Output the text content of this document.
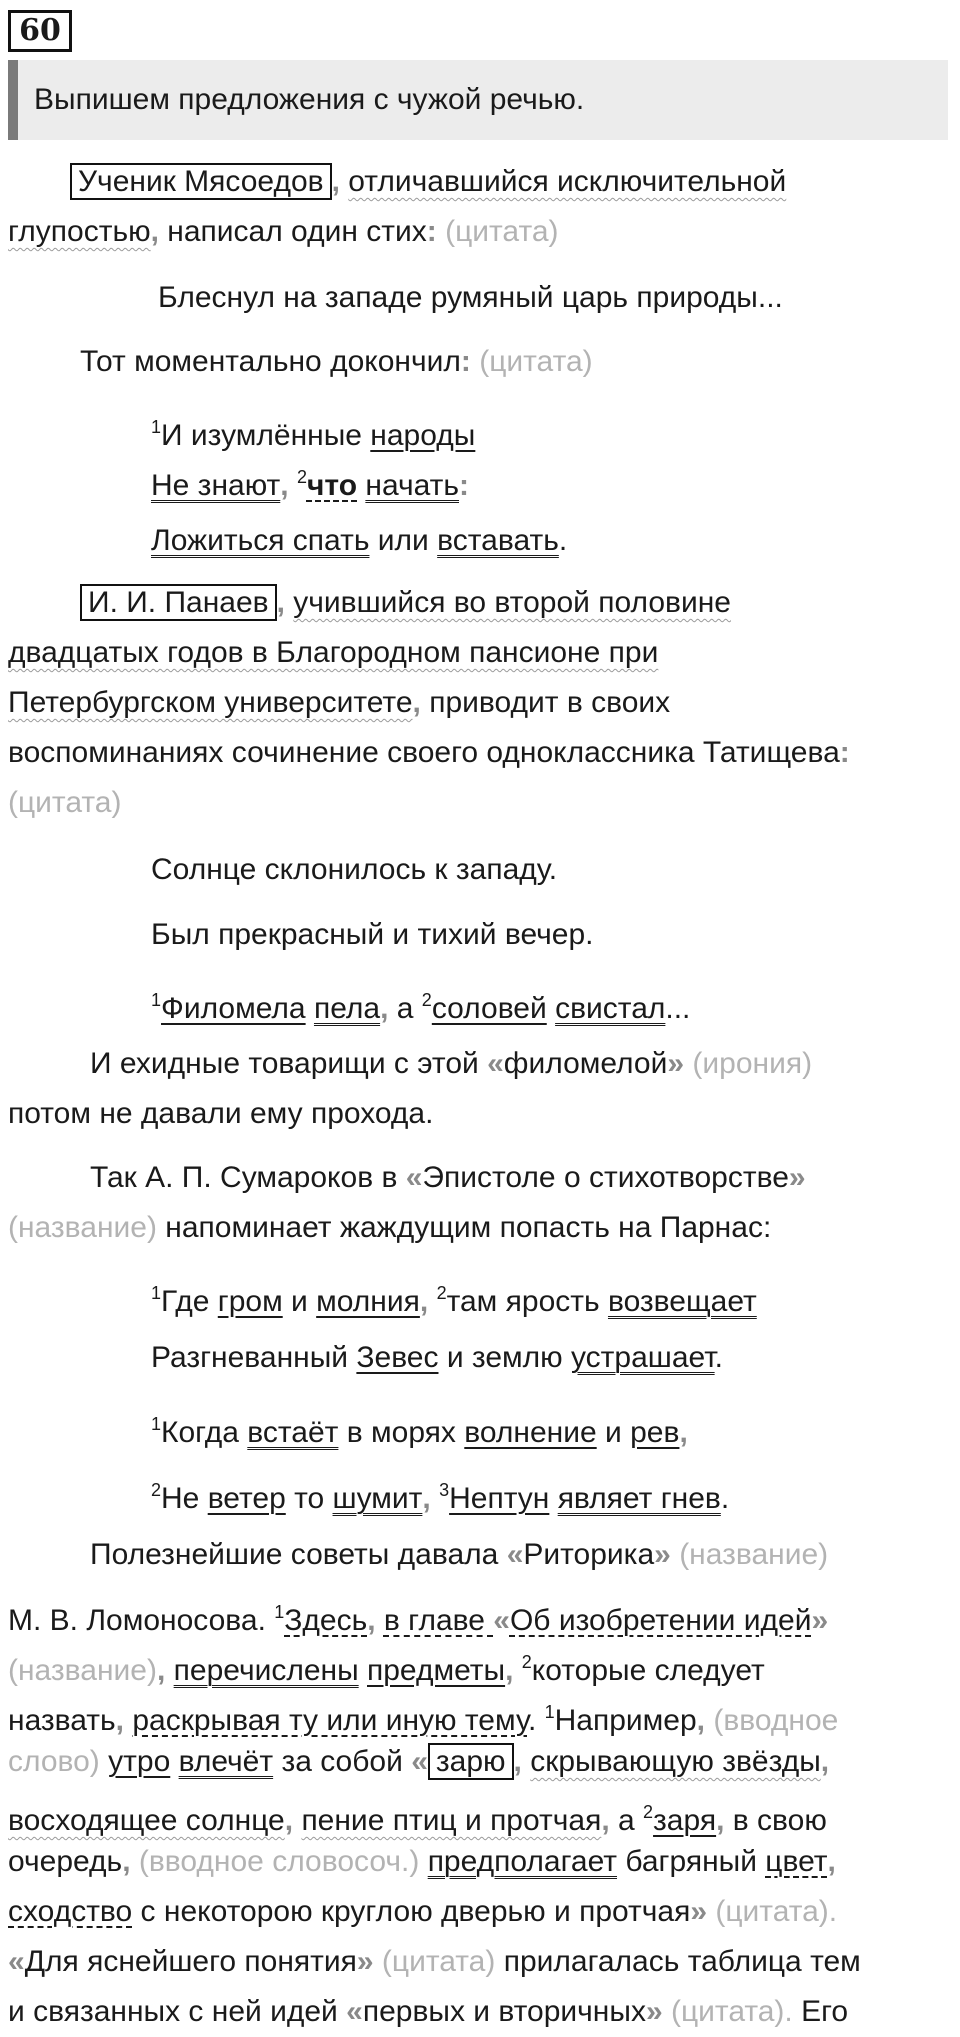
60
Выпишем предложения с чужой речью.
Ученик Мясоедов , отличавшийся исключительной
глупостью, написал один стих: (цитата)
Блеснул на западе румяный царь природы...
Тот моментально докончил: (цитата)
$^1$И изумлённые народы
Не знают, $^2$что начать:
Ложиться спать или вставать.
И. И. Панаев , учившийся во второй половине
двадцатых годов в Благородном пансионе при
Петербургском университете, приводит в своих
воспоминаниях сочинение своего одноклассника Татищева:
(цитата)
Солнце склонилось к западу.
Был прекрасный и тихий вечер.
$^1$Филомела пела, а $^2$соловей свистал...
И ехидные товарищи с этой «филомелой» (ирония)
потом не давали ему прохода.
Так А. П. Сумароков в «Эпистоле о стихотворстве»
(название) напоминает жаждущим попасть на Парнас:
$^1$Где гром и молния, $^2$там ярость возвещает
Разгневанный Зевес и землю устрашает.
$^1$Когда встаёт в морях волнение и рев,
$^2$Не ветер то шумит, $^3$Нептун являет гнев.
Полезнейшие советы давала «Риторика» (название)
М. В. Ломоносова. $^1$Здесь, в главе «Об изобретении идей»
(название), перечислены предметы, $^2$которые следует
назвать, раскрывая ту или иную тему. $^1$Например, (вводное
слово) утро влечёт за собой « зарю , скрывающую звёзды,
восходящее солнце, пение птиц и протчая, а $^2$заря, в свою
очередь, (вводное словосоч.) предполагает багряный цвет,
сходство с некоторою круглою дверью и протчая» (цитата).
«Для яснейшего понятия» (цитата) прилагалась таблица тем
и связанных с ней идей «первых и вторичных» (цитата). Его
